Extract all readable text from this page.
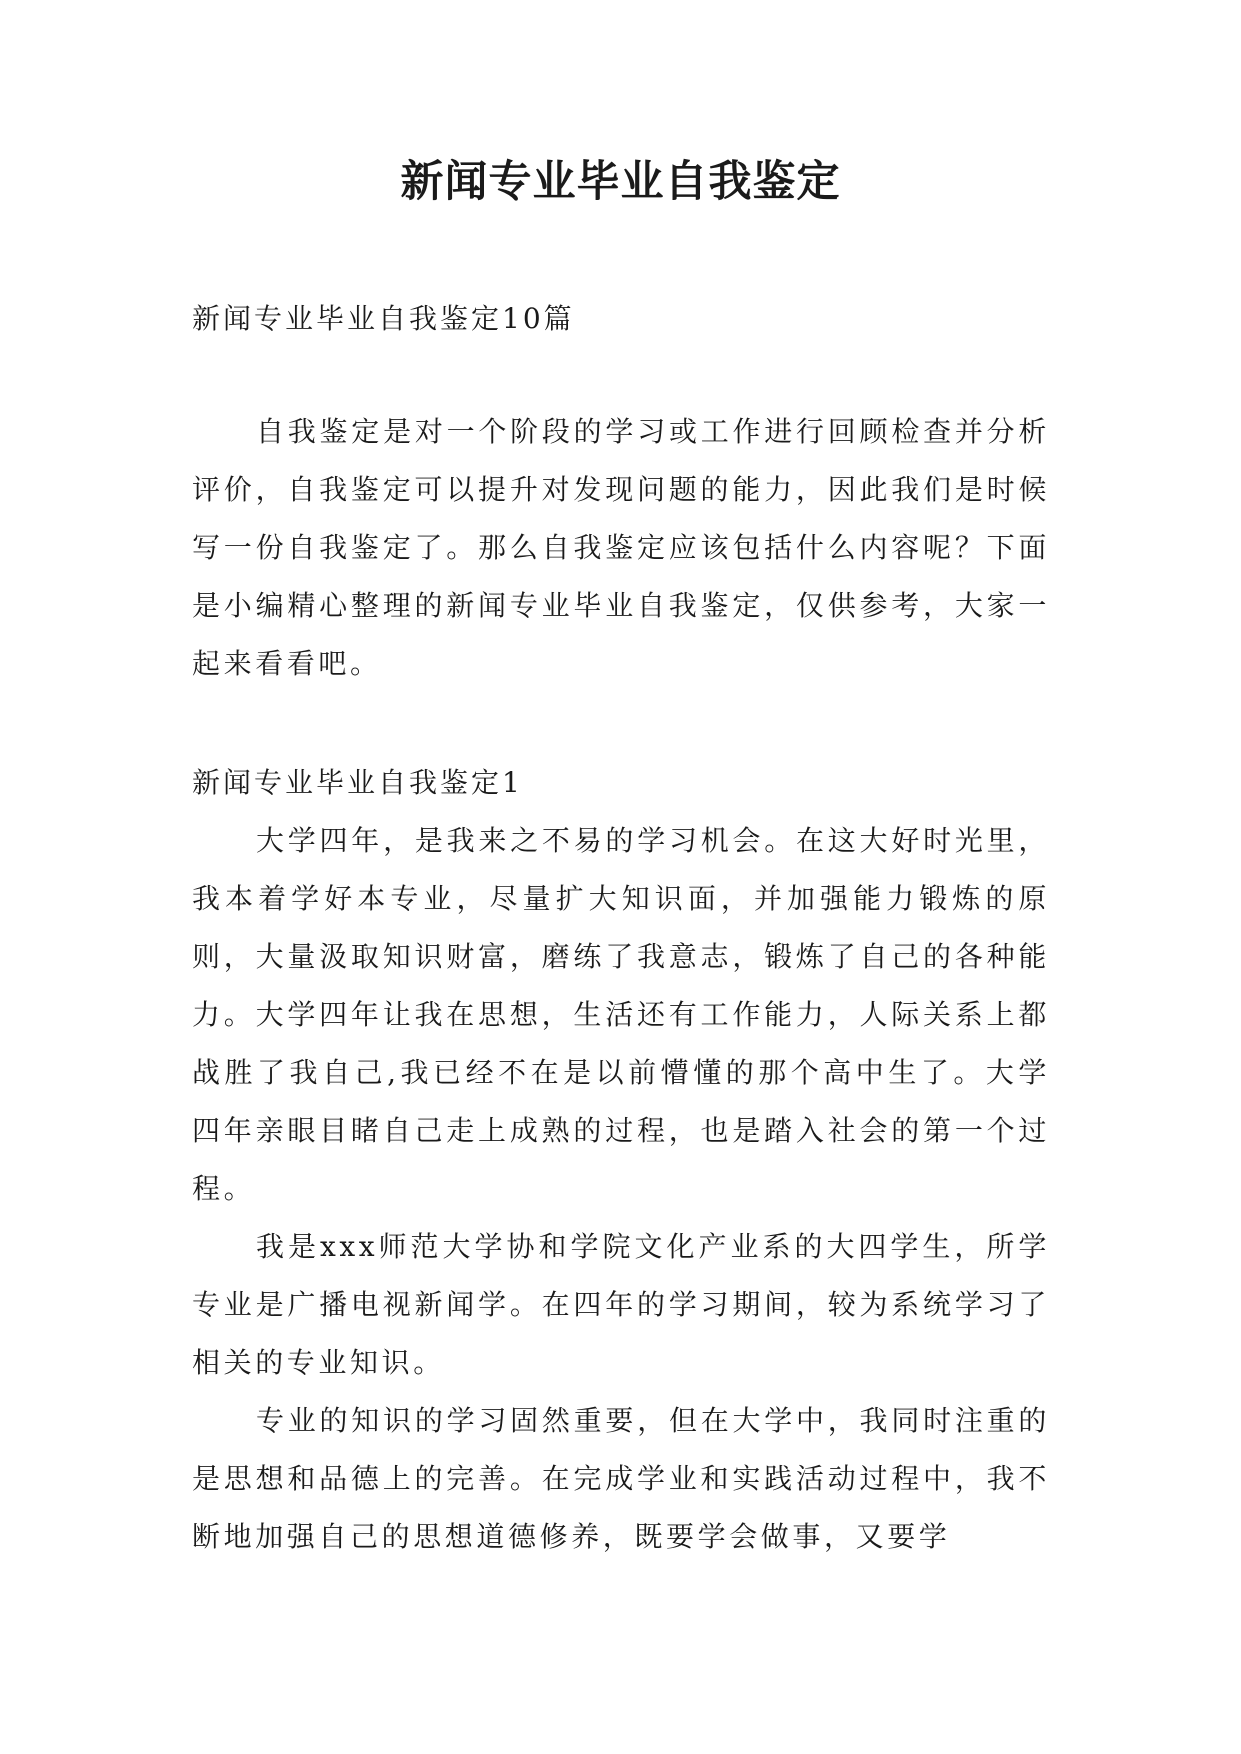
新闻专业毕业自我鉴定

新闻专业毕业自我鉴定10篇

自我鉴定是对一个阶段的学习或工作进行回顾检查并分析评价，自我鉴定可以提升对发现问题的能力，因此我们是时候写一份自我鉴定了。那么自我鉴定应该包括什么内容呢？下面是小编精心整理的新闻专业毕业自我鉴定，仅供参考，大家一起来看看吧。

新闻专业毕业自我鉴定1

大学四年，是我来之不易的学习机会。在这大好时光里，我本着学好本专业，尽量扩大知识面，并加强能力锻炼的原则，大量汲取知识财富，磨练了我意志，锻炼了自己的各种能力。大学四年让我在思想，生活还有工作能力，人际关系上都战胜了我自己,我已经不在是以前懵懂的那个高中生了。大学四年亲眼目睹自己走上成熟的过程，也是踏入社会的第一个过程。

我是xxx师范大学协和学院文化产业系的大四学生，所学专业是广播电视新闻学。在四年的学习期间，较为系统学习了相关的专业知识。

专业的知识的学习固然重要，但在大学中，我同时注重的是思想和品德上的完善。在完成学业和实践活动过程中，我不断地加强自己的思想道德修养，既要学会做事，又要学
